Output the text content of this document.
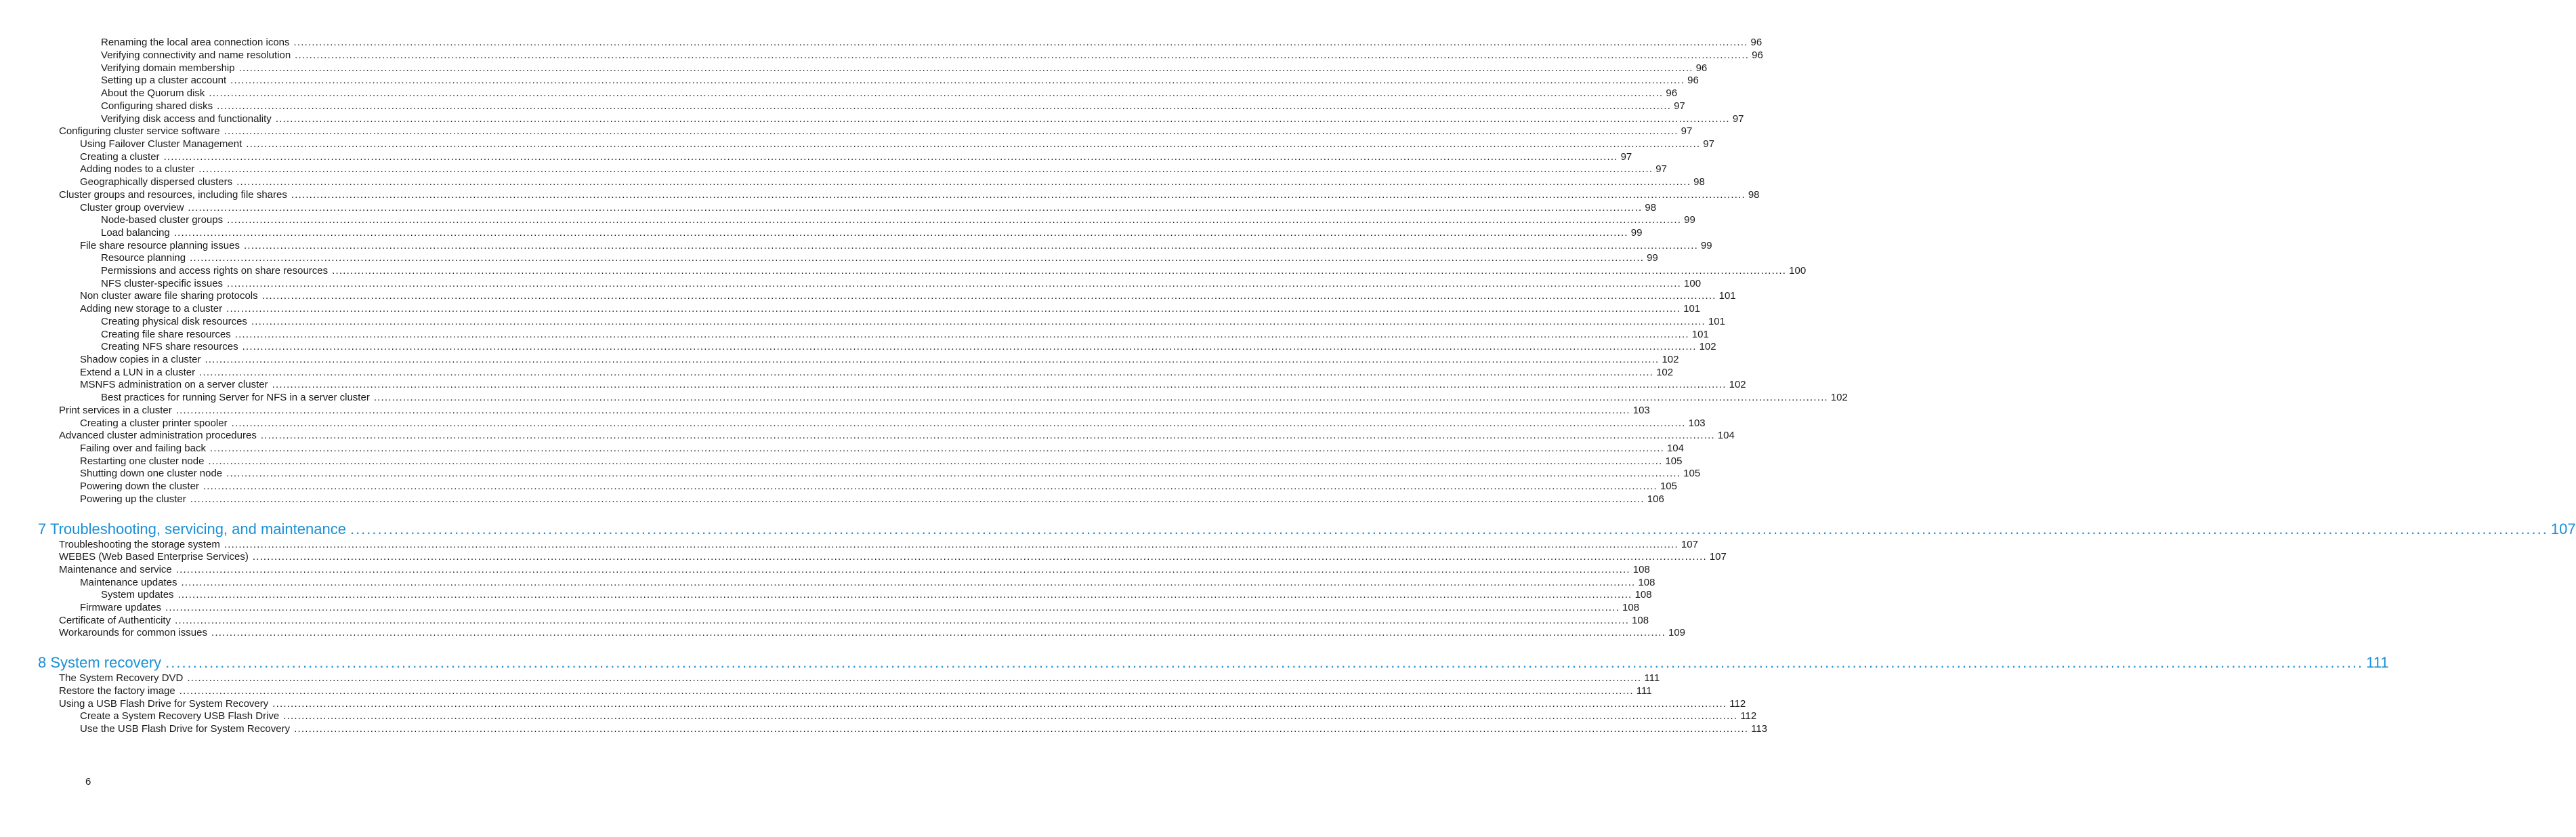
Renaming the local area connection icons ................................................................................................................................................................................................................................................................................................................................................................................................................ 96
Verifying connectivity and name resolution ................................................................................................................................................................................................................................................................................................................................................................................................................ 96
Verifying domain membership ................................................................................................................................................................................................................................................................................................................................................................................................................ 96
Setting up a cluster account ................................................................................................................................................................................................................................................................................................................................................................................................................ 96
About the Quorum disk ................................................................................................................................................................................................................................................................................................................................................................................................................ 96
Configuring shared disks ................................................................................................................................................................................................................................................................................................................................................................................................................ 97
Verifying disk access and functionality ................................................................................................................................................................................................................................................................................................................................................................................................................ 97
Configuring cluster service software ................................................................................................................................................................................................................................................................................................................................................................................................................ 97
Using Failover Cluster Management ................................................................................................................................................................................................................................................................................................................................................................................................................ 97
Creating a cluster ................................................................................................................................................................................................................................................................................................................................................................................................................ 97
Adding nodes to a cluster ................................................................................................................................................................................................................................................................................................................................................................................................................ 97
Geographically dispersed clusters ................................................................................................................................................................................................................................................................................................................................................................................................................ 98
Cluster groups and resources, including file shares ................................................................................................................................................................................................................................................................................................................................................................................................................ 98
Cluster group overview ................................................................................................................................................................................................................................................................................................................................................................................................................ 98
Node-based cluster groups ................................................................................................................................................................................................................................................................................................................................................................................................................ 99
Load balancing ................................................................................................................................................................................................................................................................................................................................................................................................................ 99
File share resource planning issues ................................................................................................................................................................................................................................................................................................................................................................................................................ 99
Resource planning ................................................................................................................................................................................................................................................................................................................................................................................................................ 99
Permissions and access rights on share resources ................................................................................................................................................................................................................................................................................................................................................................................................................ 100
NFS cluster-specific issues ................................................................................................................................................................................................................................................................................................................................................................................................................ 100
Non cluster aware file sharing protocols ................................................................................................................................................................................................................................................................................................................................................................................................................ 101
Adding new storage to a cluster ................................................................................................................................................................................................................................................................................................................................................................................................................ 101
Creating physical disk resources ................................................................................................................................................................................................................................................................................................................................................................................................................ 101
Creating file share resources ................................................................................................................................................................................................................................................................................................................................................................................................................ 101
Creating NFS share resources ................................................................................................................................................................................................................................................................................................................................................................................................................ 102
Shadow copies in a cluster ................................................................................................................................................................................................................................................................................................................................................................................................................ 102
Extend a LUN in a cluster ................................................................................................................................................................................................................................................................................................................................................................................................................ 102
MSNFS administration on a server cluster ................................................................................................................................................................................................................................................................................................................................................................................................................ 102
Best practices for running Server for NFS in a server cluster ................................................................................................................................................................................................................................................................................................................................................................................................................ 102
Print services in a cluster ................................................................................................................................................................................................................................................................................................................................................................................................................ 103
Creating a cluster printer spooler ................................................................................................................................................................................................................................................................................................................................................................................................................ 103
Advanced cluster administration procedures ................................................................................................................................................................................................................................................................................................................................................................................................................ 104
Failing over and failing back ................................................................................................................................................................................................................................................................................................................................................................................................................ 104
Restarting one cluster node ................................................................................................................................................................................................................................................................................................................................................................................................................ 105
Shutting down one cluster node ................................................................................................................................................................................................................................................................................................................................................................................................................ 105
Powering down the cluster ................................................................................................................................................................................................................................................................................................................................................................................................................ 105
Powering up the cluster ................................................................................................................................................................................................................................................................................................................................................................................................................ 106
7 Troubleshooting, servicing, and maintenance ................................................................................................................................................................................................................................................................................................................................................................................................................ 107
Troubleshooting the storage system ................................................................................................................................................................................................................................................................................................................................................................................................................ 107
WEBES (Web Based Enterprise Services) ................................................................................................................................................................................................................................................................................................................................................................................................................ 107
Maintenance and service ................................................................................................................................................................................................................................................................................................................................................................................................................ 108
Maintenance updates ................................................................................................................................................................................................................................................................................................................................................................................................................ 108
System updates ................................................................................................................................................................................................................................................................................................................................................................................................................ 108
Firmware updates ................................................................................................................................................................................................................................................................................................................................................................................................................ 108
Certificate of Authenticity ................................................................................................................................................................................................................................................................................................................................................................................................................ 108
Workarounds for common issues ................................................................................................................................................................................................................................................................................................................................................................................................................ 109
8 System recovery ................................................................................................................................................................................................................................................................................................................................................................................................................ 111
The System Recovery DVD ................................................................................................................................................................................................................................................................................................................................................................................................................ 111
Restore the factory image ................................................................................................................................................................................................................................................................................................................................................................................................................ 111
Using a USB Flash Drive for System Recovery ................................................................................................................................................................................................................................................................................................................................................................................................................ 112
Create a System Recovery USB Flash Drive ................................................................................................................................................................................................................................................................................................................................................................................................................ 112
Use the USB Flash Drive for System Recovery ................................................................................................................................................................................................................................................................................................................................................................................................................ 113
6
